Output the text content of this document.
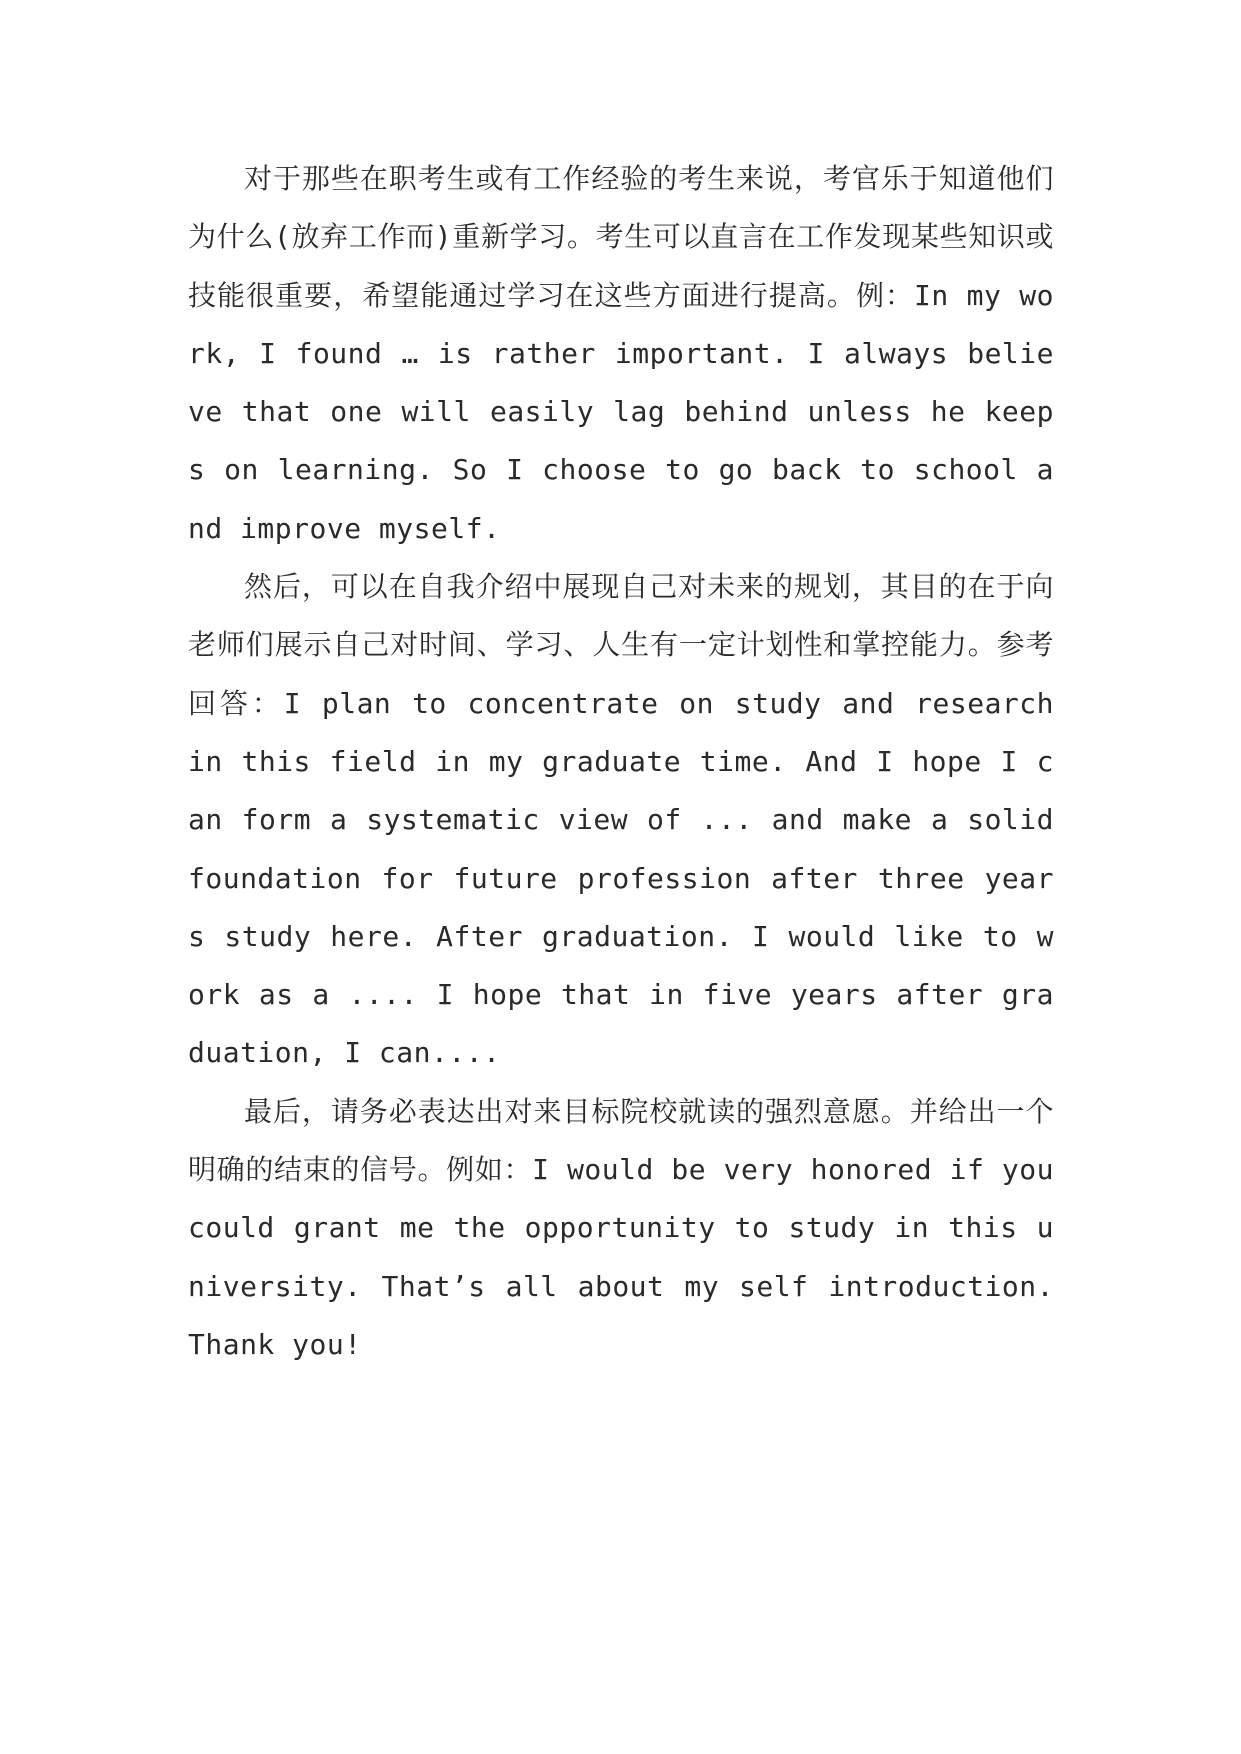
对于那些在职考生或有工作经验的考生来说，考官乐于知道他们为什么(放弃工作而)重新学习。考生可以直言在工作发现某些知识或技能很重要，希望能通过学习在这些方面进行提高。例：In my work, I found … is rather important. I always believe that one will easily lag behind unless he keeps on learning. So I choose to go back to school and improve myself.

然后，可以在自我介绍中展现自己对未来的规划，其目的在于向老师们展示自己对时间、学习、人生有一定计划性和掌控能力。参考回答：I plan to concentrate on study and research in this field in my graduate time. And I hope I can form a systematic view of ... and make a solid foundation for future profession after three years study here. After graduation. I would like to work as a .... I hope that in five years after graduation, I can....

最后，请务必表达出对来目标院校就读的强烈意愿。并给出一个明确的结束的信号。例如：I would be very honored if you could grant me the opportunity to study in this university. That’s all about my self introduction. Thank you!
